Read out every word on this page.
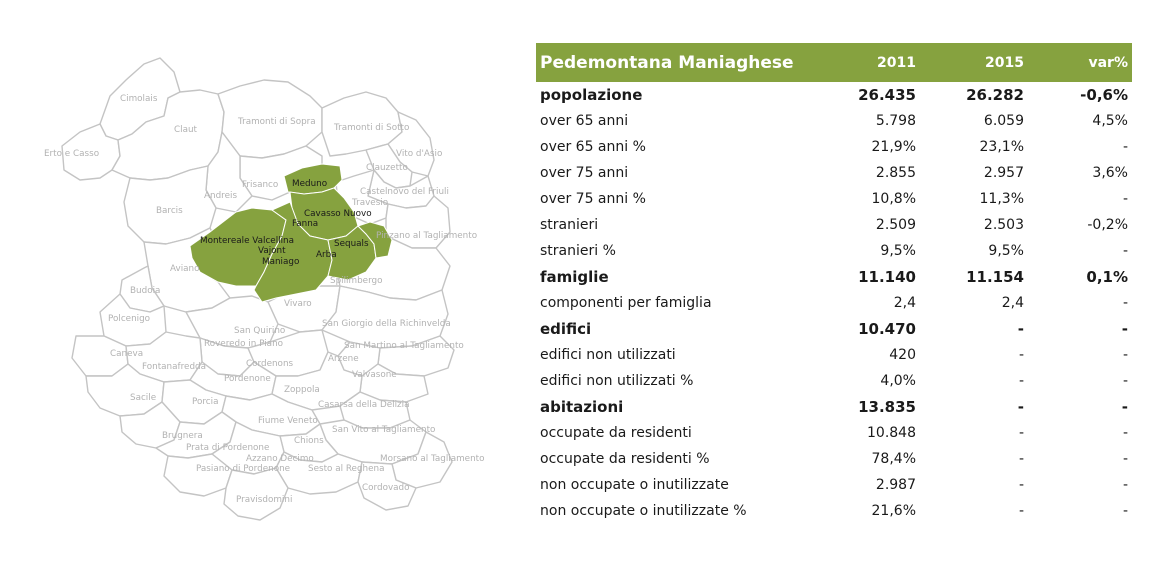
Cimolais
Claut
Erto e Casso
Tramonti di Sopra
Tramonti di Sotto
Vito d'Asio
Clauzetto
Meduno
Frisanco
Andreis	Castelnovo del Friuli
Travesio
Barcis	Cavasso Nuovo
Fanna
Montereale Valcellina
Vajont
Maniago
Sequals
Arba
Pinzano al Tagliamento
Aviano
Spilimbergo
Budoia
Vivaro
Polcenigo
San Quirino
San Giorgio della Richinvelda
Caneva
Roveredo in Piano	San Martino al Tagliamento
Cordenons	Arzene
Fontanafredda
Pordenone	Valvasone
Zoppola
Sacile	Porcia	Casarsa della Delizia
Fiume Veneto
Brugnera
San Vito al Tagliamento
Chions
Prata di Pordenone
Azzano Decimo	Morsano al Tagliamento
Pasiano di Pordenone Sesto al Reghena
Cordovado
Pravisdomini
Pedemontana Maniaghese	2011	2015	var%
popolazione	26.435	26.282	-0,6%
over 65 anni	5.798	6.059	4,5%
over 65 anni %	21,9%	23,1%	-
over 75 anni	2.855	2.957	3,6%
over 75 anni %	10,8%	11,3%	-
stranieri	2.509	2.503	-0,2%
stranieri %	9,5%	9,5%	-
famiglie	11.140	11.154	0,1%
componenti per famiglia	2,4	2,4	-
edifici	10.470	-	-
edifici non utilizzati	420	-	-
edifici non utilizzati %	4,0%	-	-
abitazioni	13.835	-	-
occupate da residenti	10.848	-	-
occupate da residenti %	78,4%	-	-
non occupate o inutilizzate	2.987	-	-
non occupate o inutilizzate %	21,6%	-	-
